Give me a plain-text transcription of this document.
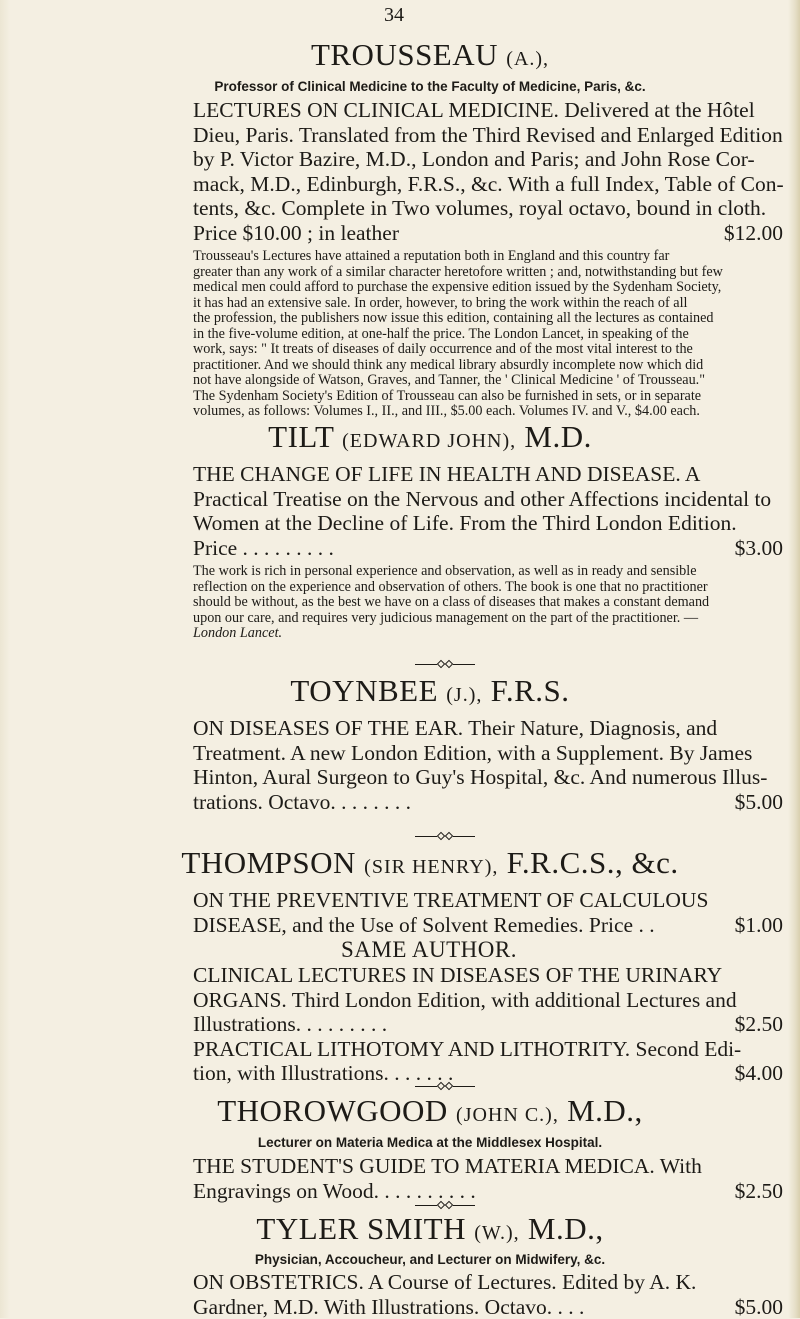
34
TROUSSEAU (A.),
Professor of Clinical Medicine to the Faculty of Medicine, Paris, &c.
LECTURES ON CLINICAL MEDICINE. Delivered at the Hôtel
Dieu, Paris. Translated from the Third Revised and Enlarged Edition
by P. Victor Bazire, M.D., London and Paris; and John Rose Cor-
mack, M.D., Edinburgh, F.R.S., &c. With a full Index, Table of Con-
tents, &c. Complete in Two volumes, royal octavo, bound in cloth.
Price $10.00 ; in leather	$12.00
Trousseau's Lectures have attained a reputation both in England and this country far
greater than any work of a similar character heretofore written ; and, notwithstanding but few
medical men could afford to purchase the expensive edition issued by the Sydenham Society,
it has had an extensive sale. In order, however, to bring the work within the reach of all
the profession, the publishers now issue this edition, containing all the lectures as contained
in the five-volume edition, at one-half the price. The London Lancet, in speaking of the
work, says: " It treats of diseases of daily occurrence and of the most vital interest to the
practitioner. And we should think any medical library absurdly incomplete now which did
not have alongside of Watson, Graves, and Tanner, the ' Clinical Medicine ' of Trousseau."
The Sydenham Society's Edition of Trousseau can also be furnished in sets, or in separate
volumes, as follows: Volumes I., II., and III., $5.00 each. Volumes IV. and V., $4.00 each.
TILT (EDWARD JOHN), M.D.
THE CHANGE OF LIFE IN HEALTH AND DISEASE. A
Practical Treatise on the Nervous and other Affections incidental to
Women at the Decline of Life. From the Third London Edition.
Price . . . . . . . . .	$3.00
The work is rich in personal experience and observation, as well as in ready and sensible
reflection on the experience and observation of others. The book is one that no practitioner
should be without, as the best we have on a class of diseases that makes a constant demand
upon our care, and requires very judicious management on the part of the practitioner. —
London Lancet.
TOYNBEE (J.), F.R.S.
ON DISEASES OF THE EAR. Their Nature, Diagnosis, and
Treatment. A new London Edition, with a Supplement. By James
Hinton, Aural Surgeon to Guy's Hospital, &c. And numerous Illus-
trations. Octavo. . . . . . . .	$5.00
THOMPSON (SIR HENRY), F.R.C.S., &c.
ON THE PREVENTIVE TREATMENT OF CALCULOUS
DISEASE, and the Use of Solvent Remedies. Price . .	$1.00
SAME AUTHOR.
CLINICAL LECTURES IN DISEASES OF THE URINARY
ORGANS. Third London Edition, with additional Lectures and
Illustrations. . . . . . . . .	$2.50
PRACTICAL LITHOTOMY AND LITHOTRITY. Second Edi-
tion, with Illustrations. . . . . . .	$4.00
THOROWGOOD (JOHN C.), M.D.,
Lecturer on Materia Medica at the Middlesex Hospital.
THE STUDENT'S GUIDE TO MATERIA MEDICA. With
Engravings on Wood. . . . . . . . . .	$2.50
TYLER SMITH (W.), M.D.,
Physician, Accoucheur, and Lecturer on Midwifery, &c.
ON OBSTETRICS. A Course of Lectures. Edited by A. K.
Gardner, M.D. With Illustrations. Octavo. . . .	$5.00
